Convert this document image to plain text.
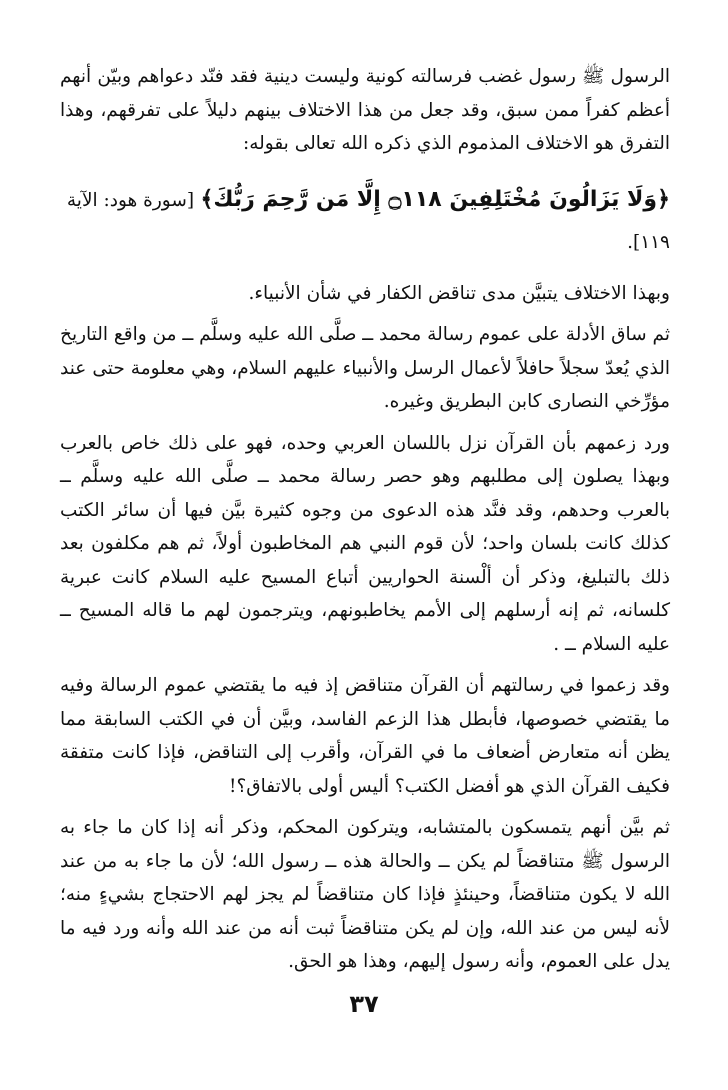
الرسول ﷺ رسول غضب فرسالته كونية وليست دينية فقد فنّد دعواهم وبيّن أنهم أعظم كفراً ممن سبق، وقد جعل من هذا الاختلاف بينهم دليلاً على تفرقهم، وهذا التفرق هو الاختلاف المذموم الذي ذكره الله تعالى بقوله:

﴿وَلَا يَزَالُونَ مُخْتَلِفِينَ ۝١١٨ إِلَّا مَن رَّحِمَ رَبُّكَ﴾ [سورة هود: الآية ١١٩].

وبهذا الاختلاف يتبيَّن مدى تناقض الكفار في شأن الأنبياء.

ثم ساق الأدلة على عموم رسالة محمد ــ صلَّى الله عليه وسلَّم ــ من واقع التاريخ الذي يُعدّ سجلاً حافلاً لأعمال الرسل والأنبياء عليهم السلام، وهي معلومة حتى عند مؤرِّخي النصارى كابن البطريق وغيره.

ورد زعمهم بأن القرآن نزل باللسان العربي وحده، فهو على ذلك خاص بالعرب وبهذا يصلون إلى مطلبهم وهو حصر رسالة محمد ــ صلَّى الله عليه وسلَّم ــ بالعرب وحدهم، وقد فنَّد هذه الدعوى من وجوه كثيرة بيَّن فيها أن سائر الكتب كذلك كانت بلسان واحد؛ لأن قوم النبي هم المخاطبون أولاً، ثم هم مكلفون بعد ذلك بالتبليغ، وذكر أن ألْسنة الحواريين أتباع المسيح عليه السلام كانت عبرية كلسانه، ثم إنه أرسلهم إلى الأمم يخاطبونهم، ويترجمون لهم ما قاله المسيح ــ عليه السلام ــ .

وقد زعموا في رسالتهم أن القرآن متناقض إذ فيه ما يقتضي عموم الرسالة وفيه ما يقتضي خصوصها، فأبطل هذا الزعم الفاسد، وبيَّن أن في الكتب السابقة مما يظن أنه متعارض أضعاف ما في القرآن، وأقرب إلى التناقض، فإذا كانت متفقة فكيف القرآن الذي هو أفضل الكتب؟ أليس أولى بالاتفاق؟!

ثم بيَّن أنهم يتمسكون بالمتشابه، ويتركون المحكم، وذكر أنه إذا كان ما جاء به الرسول ﷺ متناقضاً لم يكن ــ والحالة هذه ــ رسول الله؛ لأن ما جاء به من عند الله لا يكون متناقضاً، وحينئذٍ فإذا كان متناقضاً لم يجز لهم الاحتجاج بشيءٍ منه؛ لأنه ليس من عند الله، وإن لم يكن متناقضاً ثبت أنه من عند الله وأنه ورد فيه ما يدل على العموم، وأنه رسول إليهم، وهذا هو الحق.

٣٧
